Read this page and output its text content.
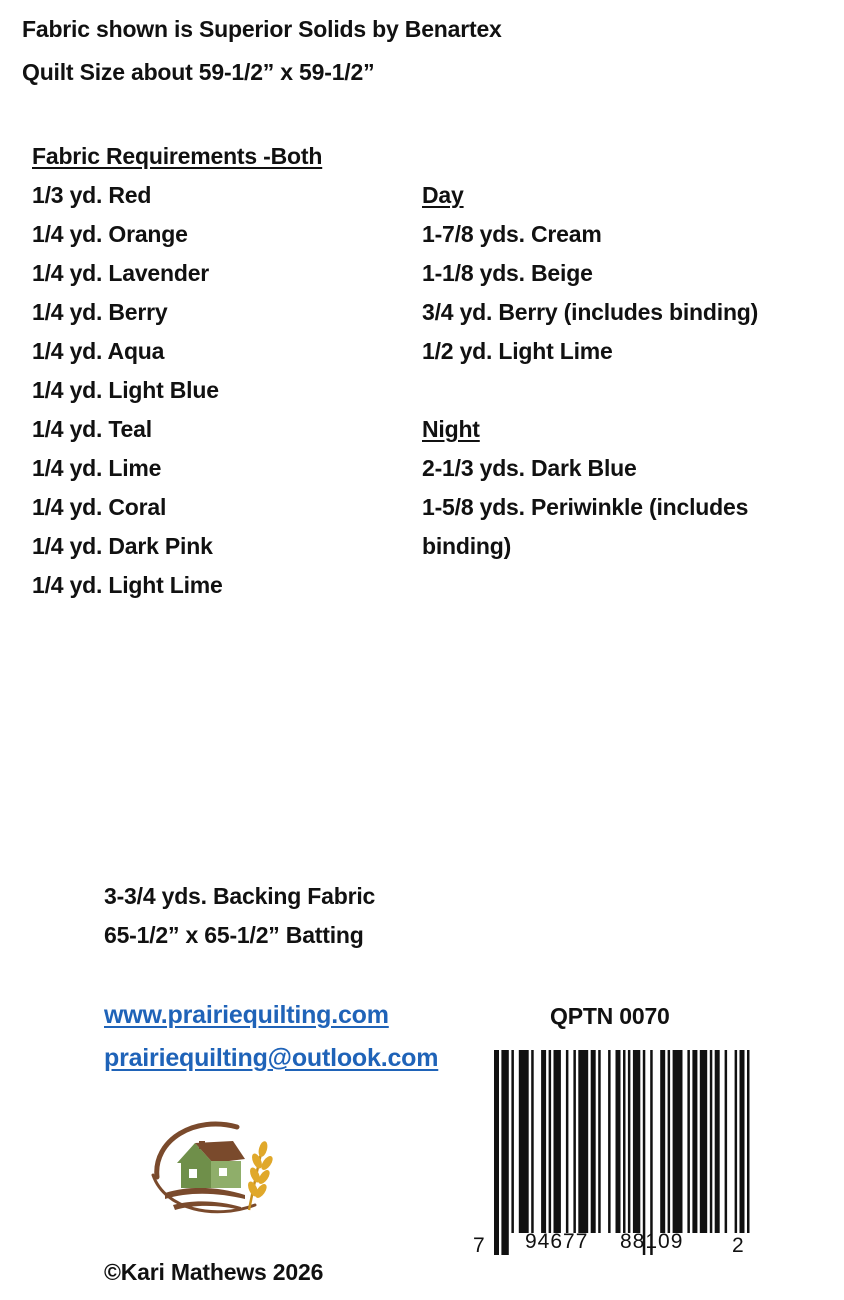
Fabric shown is Superior Solids by Benartex
Quilt Size about 59-1/2” x 59-1/2”
Fabric Requirements -Both
1/3 yd. Red
1/4 yd. Orange
1/4 yd. Lavender
1/4 yd. Berry
1/4 yd. Aqua
1/4 yd. Light Blue
1/4 yd. Teal
1/4 yd. Lime
1/4 yd. Coral
1/4 yd. Dark Pink
1/4 yd. Light Lime
Day
1-7/8 yds. Cream
1-1/8 yds. Beige
3/4 yd. Berry (includes binding)
1/2 yd. Light Lime
Night
2-1/3 yds. Dark Blue
1-5/8 yds. Periwinkle (includes
binding)
3-3/4 yds. Backing Fabric
65-1/2” x 65-1/2” Batting
www.prairiequilting.com
prairiequilting@outlook.com
QPTN 0070
7 94677 88109 2
©Kari Mathews 2026
